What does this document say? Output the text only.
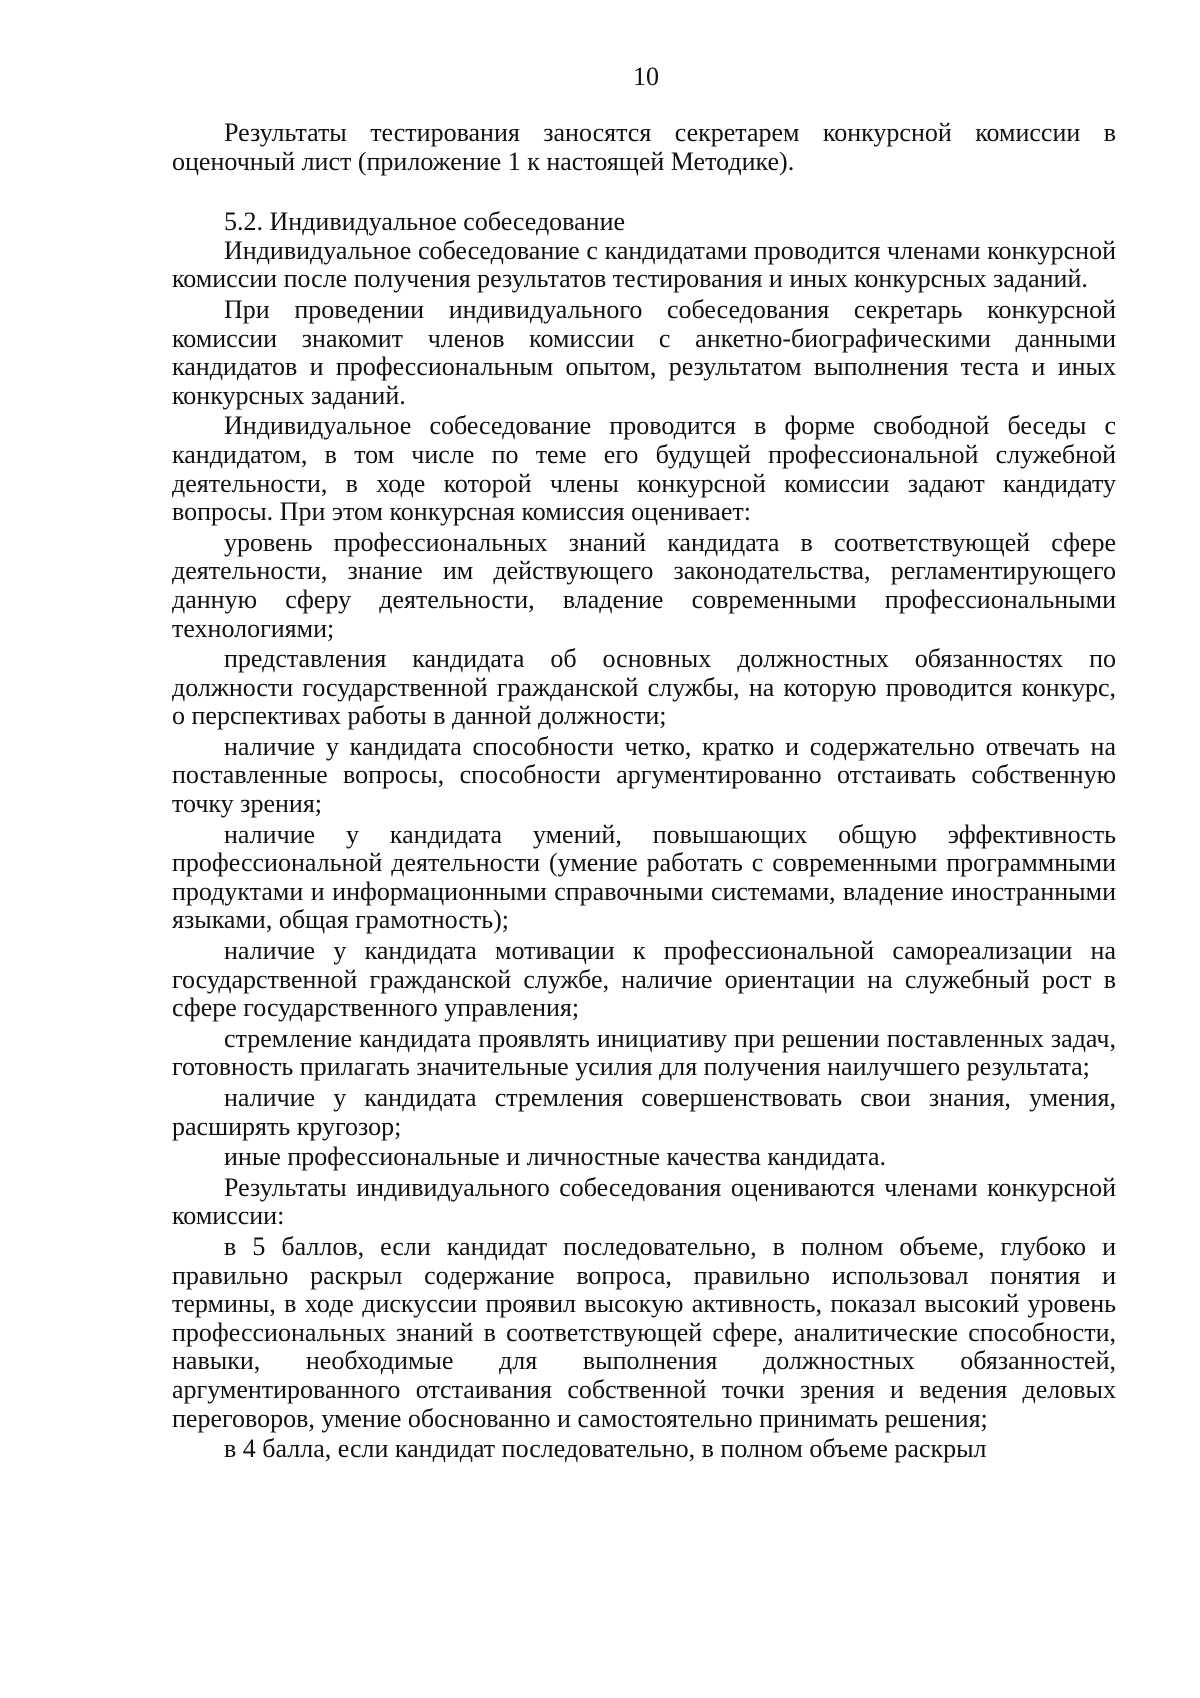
10

Результаты тестирования заносятся секретарем конкурсной комиссии в оценочный лист (приложение 1 к настоящей Методике).

5.2. Индивидуальное собеседование

Индивидуальное собеседование с кандидатами проводится членами конкурсной комиссии после получения результатов тестирования и иных конкурсных заданий.

При проведении индивидуального собеседования секретарь конкурсной комиссии знакомит членов комиссии с анкетно-биографическими данными кандидатов и профессиональным опытом, результатом выполнения теста и иных конкурсных заданий.

Индивидуальное собеседование проводится в форме свободной беседы с кандидатом, в том числе по теме его будущей профессиональной служебной деятельности, в ходе которой члены конкурсной комиссии задают кандидату вопросы. При этом конкурсная комиссия оценивает:

уровень профессиональных знаний кандидата в соответствующей сфере деятельности, знание им действующего законодательства, регламентирующего данную сферу деятельности, владение современными профессиональными технологиями;

представления кандидата об основных должностных обязанностях по должности государственной гражданской службы, на которую проводится конкурс, о перспективах работы в данной должности;

наличие у кандидата способности четко, кратко и содержательно отвечать на поставленные вопросы, способности аргументированно отстаивать собственную точку зрения;

наличие у кандидата умений, повышающих общую эффективность профессиональной деятельности (умение работать с современными программными продуктами и информационными справочными системами, владение иностранными языками, общая грамотность);

наличие у кандидата мотивации к профессиональной самореализации на государственной гражданской службе, наличие ориентации на служебный рост в сфере государственного управления;

стремление кандидата проявлять инициативу при решении поставленных задач, готовность прилагать значительные усилия для получения наилучшего результата;

наличие у кандидата стремления совершенствовать свои знания, умения, расширять кругозор;

иные профессиональные и личностные качества кандидата.

Результаты индивидуального собеседования оцениваются членами конкурсной комиссии:

в 5 баллов, если кандидат последовательно, в полном объеме, глубоко и правильно раскрыл содержание вопроса, правильно использовал понятия и термины, в ходе дискуссии проявил высокую активность, показал высокий уровень профессиональных знаний в соответствующей сфере, аналитические способности, навыки, необходимые для выполнения должностных обязанностей, аргументированного отстаивания собственной точки зрения и ведения деловых переговоров, умение обоснованно и самостоятельно принимать решения;

в 4 балла, если кандидат последовательно, в полном объеме раскрыл
